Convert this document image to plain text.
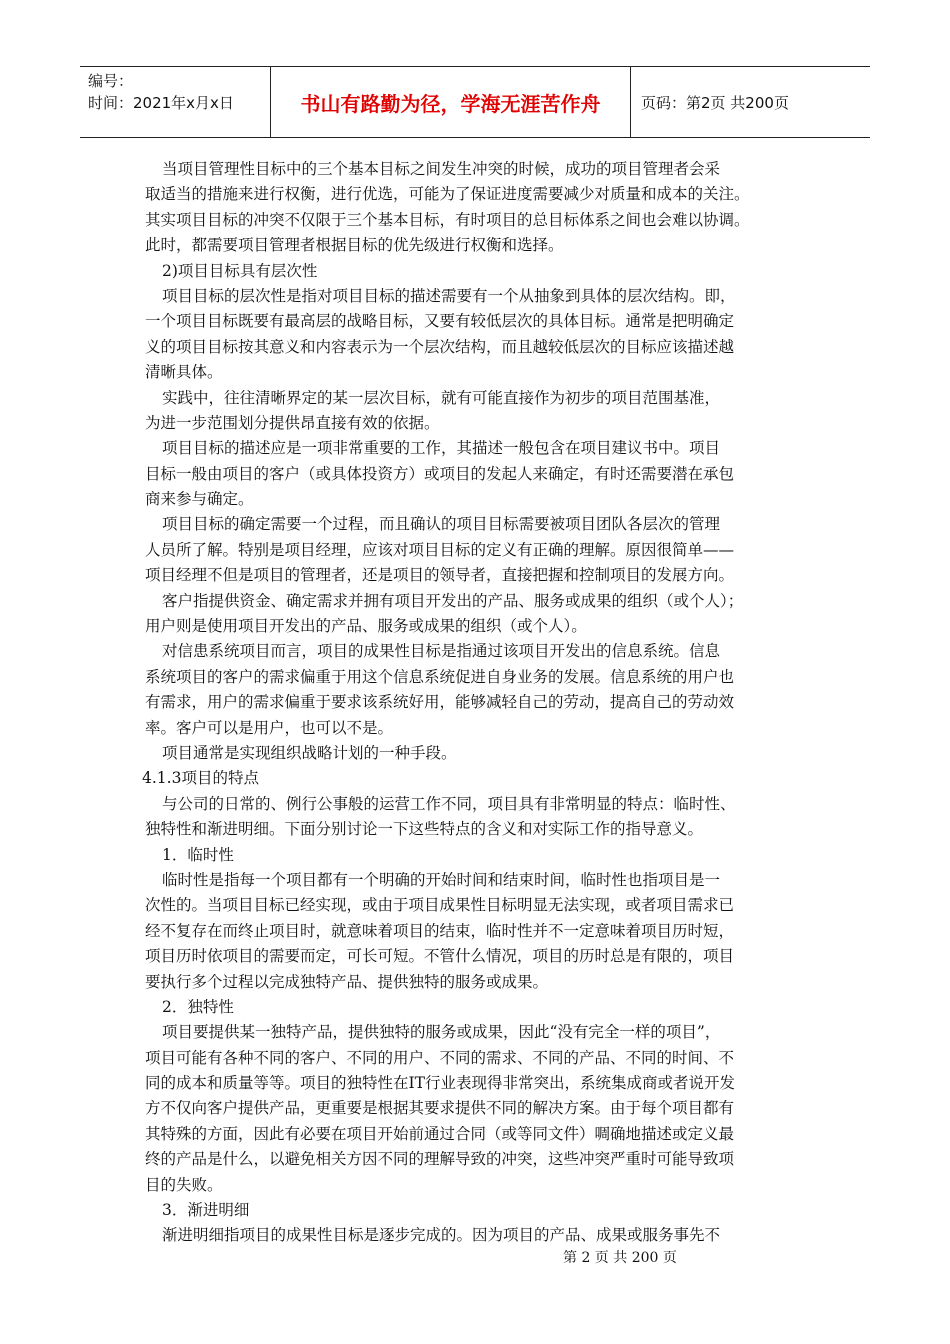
编号：
时间：2021年x月x日	书山有路勤为径，学海无涯苦作舟	页码：第2页 共200页
当项目管理性目标中的三个基本目标之间发生冲突的时候，成功的项目管理者会采
取适当的措施来进行权衡，进行优选，可能为了保证进度需要减少对质量和成本的关注。
其实项目目标的冲突不仅限于三个基本目标，有时项目的总目标体系之间也会难以协调。
此时，都需要项目管理者根据目标的优先级进行权衡和选择。
2)项目目标具有层次性
项目目标的层次性是指对项目目标的描述需要有一个从抽象到具体的层次结构。即，
一个项目目标既要有最高层的战略目标，又要有较低层次的具体目标。通常是把明确定
义的项目目标按其意义和内容表示为一个层次结构，而且越较低层次的目标应该描述越
清晰具体。
实践中，往往清晰界定的某一层次目标，就有可能直接作为初步的项目范围基准，
为进一步范围划分提供昂直接有效的依据。
项目目标的描述应是一项非常重要的工作，其描述一般包含在项目建议书中。项目
目标一般由项目的客户（或具体投资方）或项目的发起人来确定，有时还需要潜在承包
商来参与确定。
项目目标的确定需要一个过程，而且确认的项目目标需要被项目团队各层次的管理
人员所了解。特别是项目经理，应该对项目目标的定义有正确的理解。原因很简单——
项目经理不但是项目的管理者，还是项目的领导者，直接把握和控制项目的发展方向。
客户指提供资金、确定需求并拥有项目开发出的产品、服务或成果的组织（或个人）；
用户则是使用项目开发出的产品、服务或成果的组织（或个人）。
对信患系统项目而言，项目的成果性目标是指通过该项目开发出的信息系统。信息
系统项目的客户的需求偏重于用这个信息系统促进自身业务的发展。信息系统的用户也
有需求，用户的需求偏重于要求该系统好用，能够减轻自己的劳动，提高自己的劳动效
率。客户可以是用户，也可以不是。
项目通常是实现组织战略计划的一种手段。
4.1.3项目的特点
与公司的日常的、例行公事般的运营工作不同，项目具有非常明显的特点：临时性、
独特性和渐进明细。下面分别讨论一下这些特点的含义和对实际工作的指导意义。
1．临时性
临时性是指每一个项目都有一个明确的开始时间和结束时间，临时性也指项目是一
次性的。当项目目标已经实现，或由于项目成果性目标明显无法实现，或者项目需求已
经不复存在而终止项目时，就意味着项目的结束，临时性并不一定意味着项目历时短，
项目历时依项目的需要而定，可长可短。不管什么情况，项目的历时总是有限的，项目
要执行多个过程以完成独特产品、提供独特的服务或成果。
2．独特性
项目要提供某一独特产品，提供独特的服务或成果，因此“没有完全一样的项目”，
项目可能有各种不同的客户、不同的用户、不同的需求、不同的产品、不同的时间、不
同的成本和质量等等。项目的独特性在IT行业表现得非常突出，系统集成商或者说开发
方不仅向客户提供产品，更重要是根据其要求提供不同的解决方案。由于每个项目都有
其特殊的方面，因此有必要在项目开始前通过合同（或等同文件）啁确地描述或定义最
终的产品是什么，以避免相关方因不同的理解导致的冲突，这些冲突严重时可能导致项
目的失败。
3．渐进明细
渐进明细指项目的成果性目标是逐步完成的。因为项目的产品、成果或服务事先不
第 2 页 共 200 页
